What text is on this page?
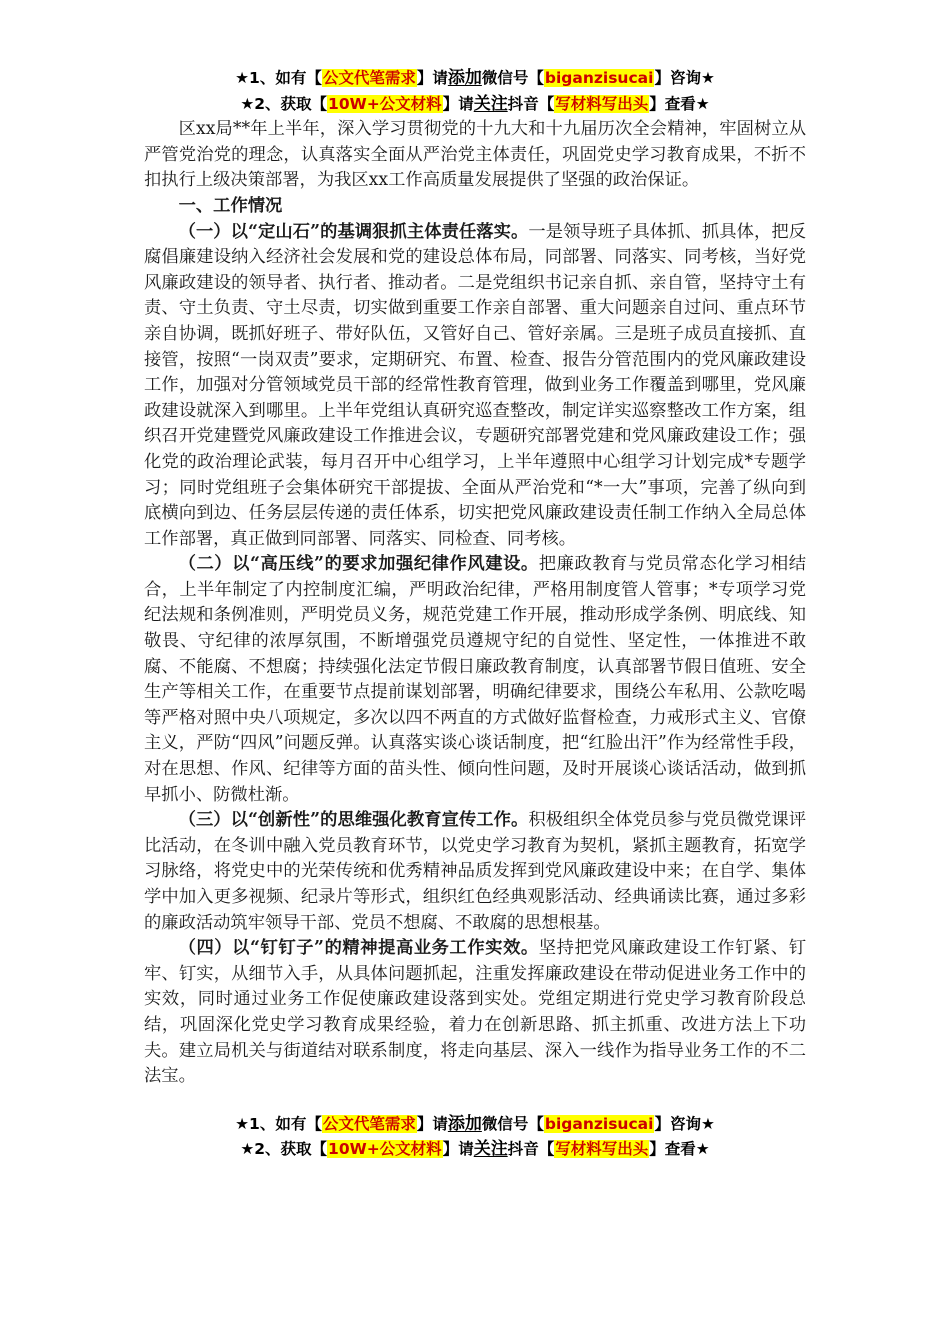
★1、如有【公文代笔需求】请添加微信号【biganzisucai】咨询★
★2、获取【10W+公文材料】请关注抖音【写材料写出头】查看★

区xx局**年上半年，深入学习贯彻党的十九大和十九届历次全会精神，牢固树立从严管党治党的理念，认真落实全面从严治党主体责任，巩固党史学习教育成果，不折不扣执行上级决策部署，为我区xx工作高质量发展提供了坚强的政治保证。

一、工作情况

（一）以“定山石”的基调狠抓主体责任落实。一是领导班子具体抓、抓具体，把反腐倡廉建设纳入经济社会发展和党的建设总体布局，同部署、同落实、同考核，当好党风廉政建设的领导者、执行者、推动者。二是党组织书记亲自抓、亲自管，坚持守土有责、守土负责、守土尽责，切实做到重要工作亲自部署、重大问题亲自过问、重点环节亲自协调，既抓好班子、带好队伍，又管好自己、管好亲属。三是班子成员直接抓、直接管，按照“一岗双责”要求，定期研究、布置、检查、报告分管范围内的党风廉政建设工作，加强对分管领域党员干部的经常性教育管理，做到业务工作覆盖到哪里，党风廉政建设就深入到哪里。上半年党组认真研究巡查整改，制定详实巡察整改工作方案，组织召开党建暨党风廉政建设工作推进会议，专题研究部署党建和党风廉政建设工作；强化党的政治理论武装，每月召开中心组学习，上半年遵照中心组学习计划完成*专题学习；同时党组班子会集体研究干部提拔、全面从严治党和“*一大”事项，完善了纵向到底横向到边、任务层层传递的责任体系，切实把党风廉政建设责任制工作纳入全局总体工作部署，真正做到同部署、同落实、同检查、同考核。

（二）以“高压线”的要求加强纪律作风建设。把廉政教育与党员常态化学习相结合，上半年制定了内控制度汇编，严明政治纪律，严格用制度管人管事；*专项学习党纪法规和条例准则，严明党员义务，规范党建工作开展，推动形成学条例、明底线、知敬畏、守纪律的浓厚氛围，不断增强党员遵规守纪的自觉性、坚定性，一体推进不敢腐、不能腐、不想腐；持续强化法定节假日廉政教育制度，认真部署节假日值班、安全生产等相关工作，在重要节点提前谋划部署，明确纪律要求，围绕公车私用、公款吃喝等严格对照中央八项规定，多次以四不两直的方式做好监督检查，力戒形式主义、官僚主义，严防“四风”问题反弹。认真落实谈心谈话制度，把“红脸出汗”作为经常性手段，对在思想、作风、纪律等方面的苗头性、倾向性问题，及时开展谈心谈话活动，做到抓早抓小、防微杜渐。

（三）以“创新性”的思维强化教育宣传工作。积极组织全体党员参与党员微党课评比活动，在冬训中融入党员教育环节，以党史学习教育为契机，紧抓主题教育，拓宽学习脉络，将党史中的光荣传统和优秀精神品质发挥到党风廉政建设中来；在自学、集体学中加入更多视频、纪录片等形式，组织红色经典观影活动、经典诵读比赛，通过多彩的廉政活动筑牢领导干部、党员不想腐、不敢腐的思想根基。

（四）以“钉钉子”的精神提高业务工作实效。坚持把党风廉政建设工作钉紧、钉牢、钉实，从细节入手，从具体问题抓起，注重发挥廉政建设在带动促进业务工作中的实效，同时通过业务工作促使廉政建设落到实处。党组定期进行党史学习教育阶段总结，巩固深化党史学习教育成果经验，着力在创新思路、抓主抓重、改进方法上下功夫。建立局机关与街道结对联系制度，将走向基层、深入一线作为指导业务工作的不二法宝。

★1、如有【公文代笔需求】请添加微信号【biganzisucai】咨询★
★2、获取【10W+公文材料】请关注抖音【写材料写出头】查看★
